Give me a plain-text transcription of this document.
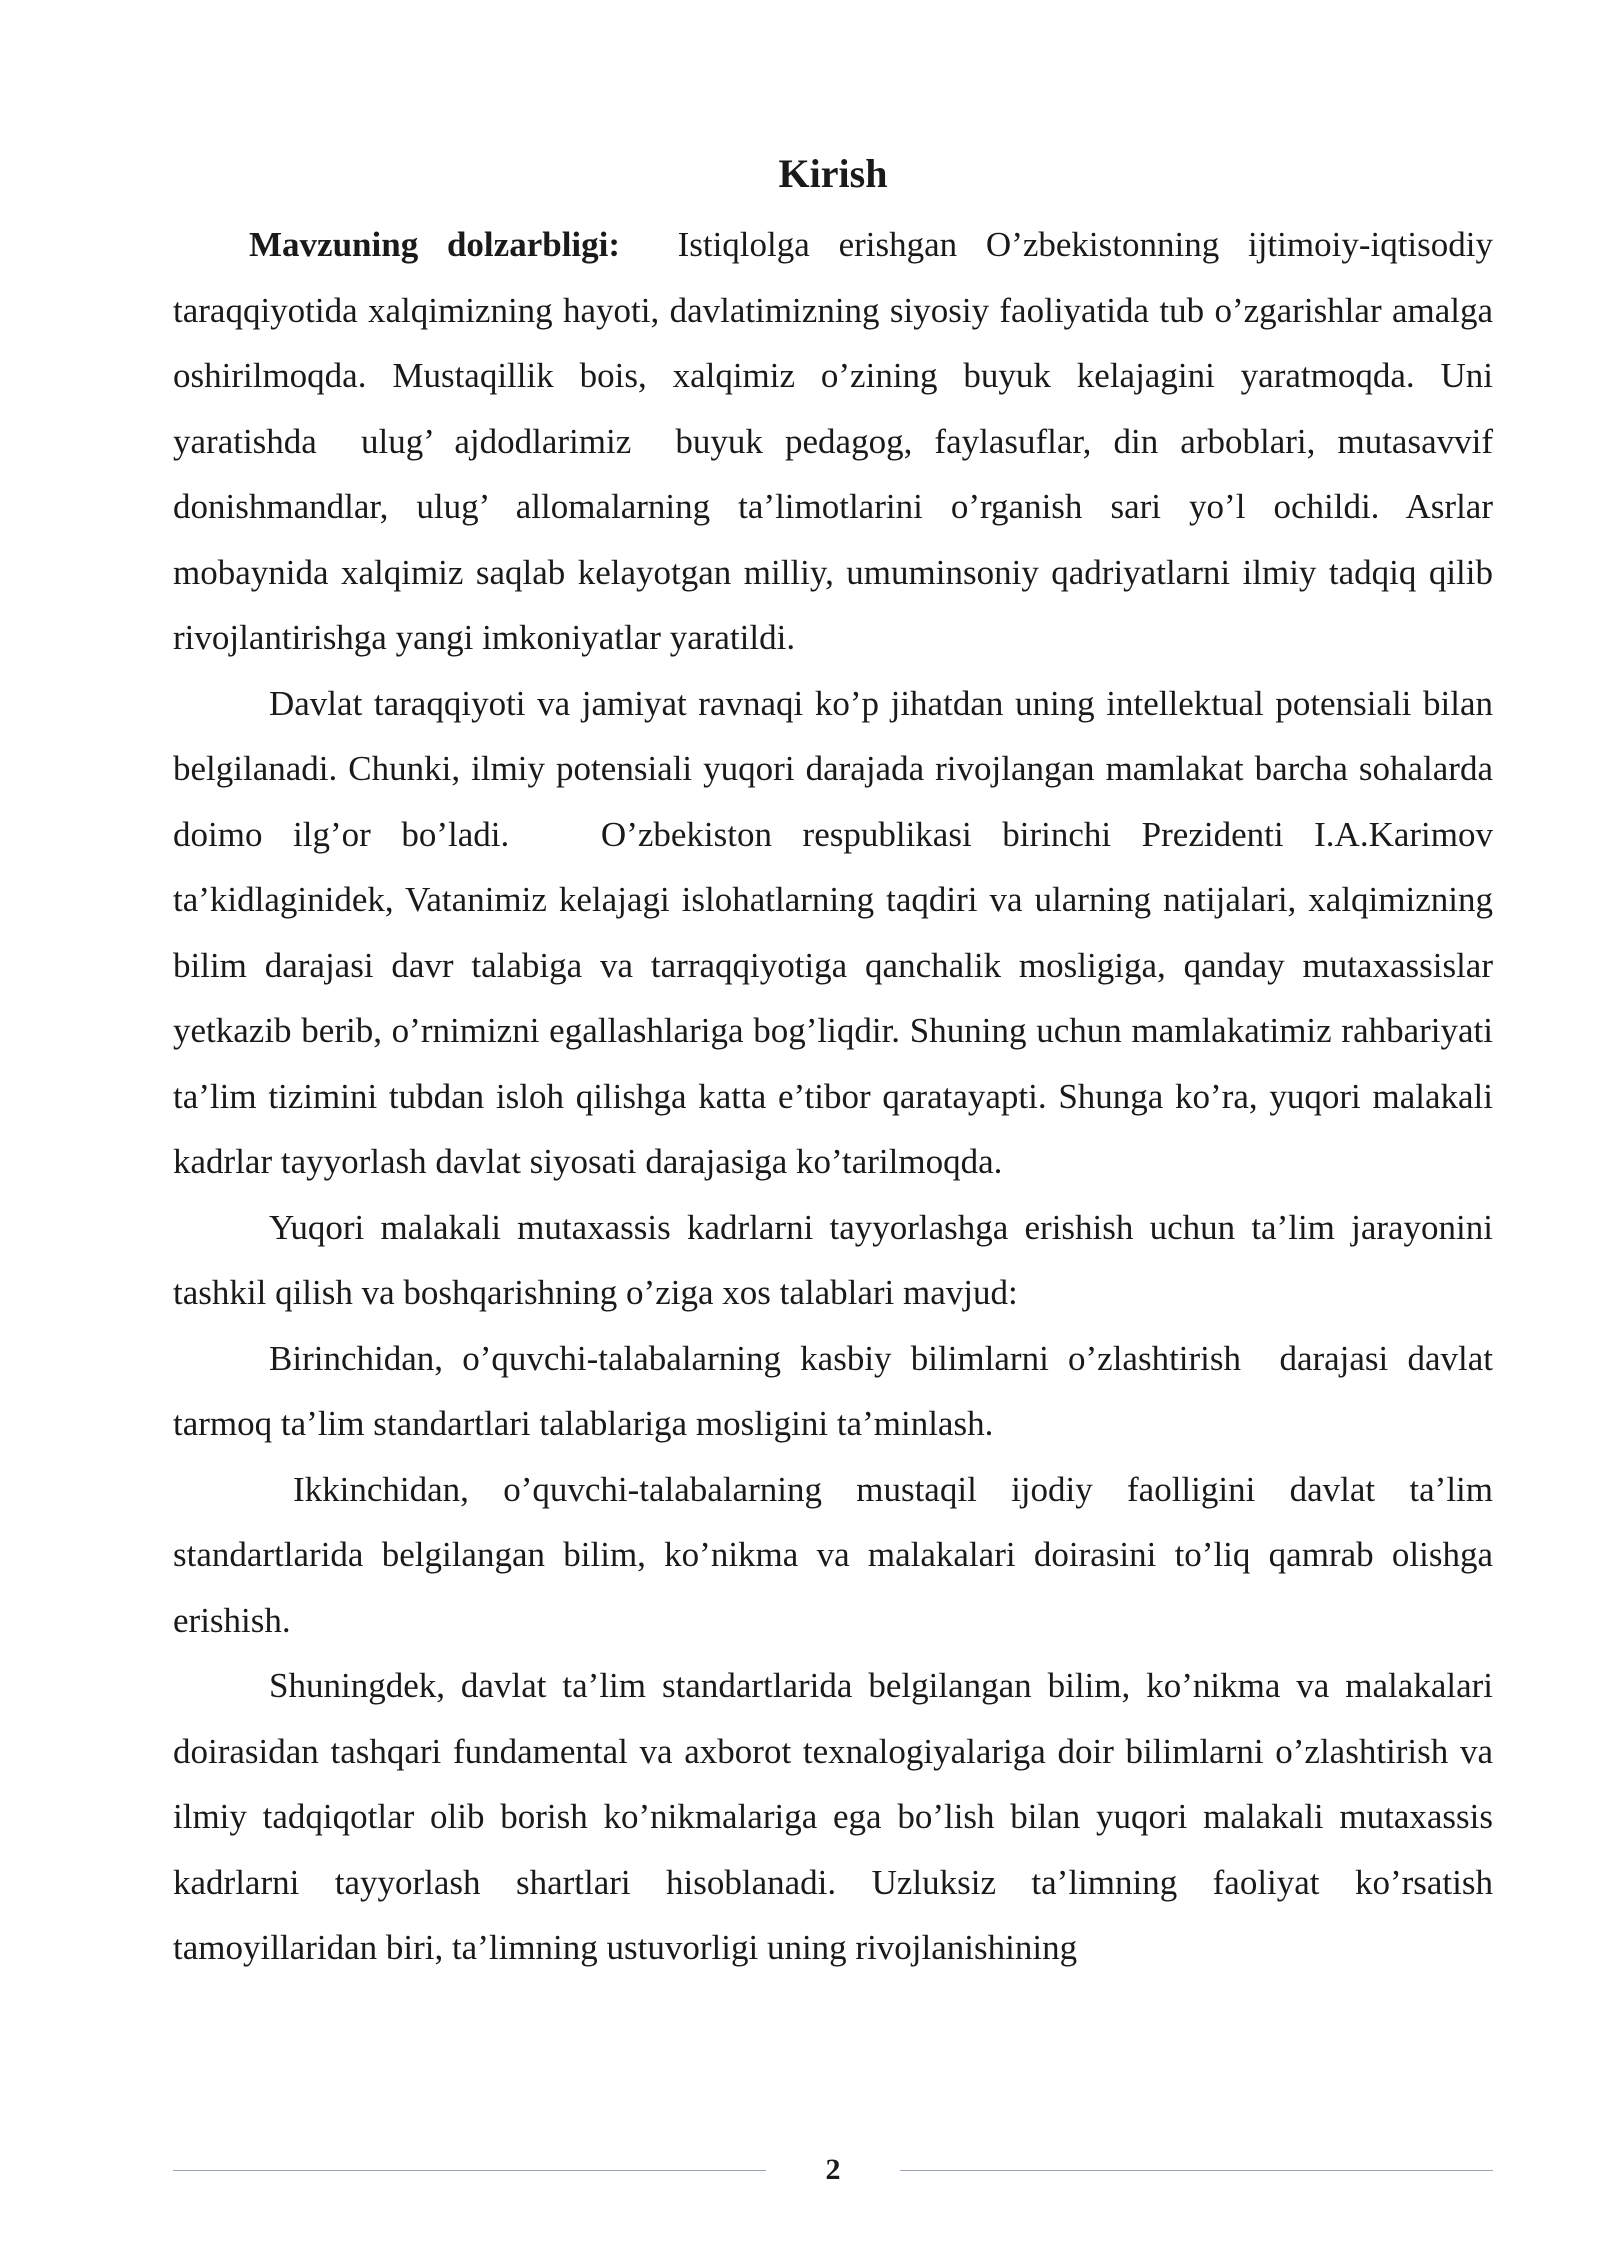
Kirish

Mavzuning dolzarbligi:  Istiqlolga erishgan O’zbekistonning ijtimoiy-iqtisodiy taraqqiyotida xalqimizning hayoti, davlatimizning siyosiy faoliyatida tub o’zgarishlar amalga oshirilmoqda. Mustaqillik bois, xalqimiz o’zining buyuk kelajagini yaratmoqda. Uni yaratishda  ulug’ ajdodlarimiz  buyuk pedagog, faylasuflar, din arboblari, mutasavvif donishmandlar, ulug’ allomalarning ta’limotlarini o’rganish sari yo’l ochildi. Asrlar mobaynida xalqimiz saqlab kelayotgan milliy, umuminsoniy qadriyatlarni ilmiy tadqiq qilib rivojlantirishga yangi imkoniyatlar yaratildi.

Davlat taraqqiyoti va jamiyat ravnaqi ko’p jihatdan uning intellektual potensiali bilan belgilanadi. Chunki, ilmiy potensiali yuqori darajada rivojlangan mamlakat barcha sohalarda doimo ilg’or bo’ladi.   O’zbekiston respublikasi birinchi Prezidenti I.A.Karimov ta’kidlaginidek, Vatanimiz kelajagi islohatlarning taqdiri va ularning natijalari, xalqimizning bilim darajasi davr talabiga va tarraqqiyotiga qanchalik mosligiga, qanday mutaxassislar yetkazib berib, o’rnimizni egallashlariga bog’liqdir. Shuning uchun mamlakatimiz rahbariyati ta’lim tizimini tubdan isloh qilishga katta e’tibor qaratayapti. Shunga ko’ra, yuqori malakali kadrlar tayyorlash davlat siyosati darajasiga ko’tarilmoqda.

Yuqori malakali mutaxassis kadrlarni tayyorlashga erishish uchun ta’lim jarayonini tashkil qilish va boshqarishning o’ziga xos talablari mavjud:

Birinchidan, o’quvchi-talabalarning kasbiy bilimlarni o’zlashtirish  darajasi davlat tarmoq ta’lim standartlari talablariga mosligini ta’minlash.

Ikkinchidan, o’quvchi-talabalarning mustaqil ijodiy faolligini davlat ta’lim standartlarida belgilangan bilim, ko’nikma va malakalari doirasini to’liq qamrab olishga erishish.

Shuningdek, davlat ta’lim standartlarida belgilangan bilim, ko’nikma va malakalari doirasidan tashqari fundamental va axborot texnalogiyalariga doir bilimlarni o’zlashtirish va ilmiy tadqiqotlar olib borish ko’nikmalariga ega bo’lish bilan yuqori malakali mutaxassis kadrlarni tayyorlash shartlari hisoblanadi. Uzluksiz ta’limning faoliyat ko’rsatish tamoyillaridan biri, ta’limning ustuvorligi uning rivojlanishining

2
